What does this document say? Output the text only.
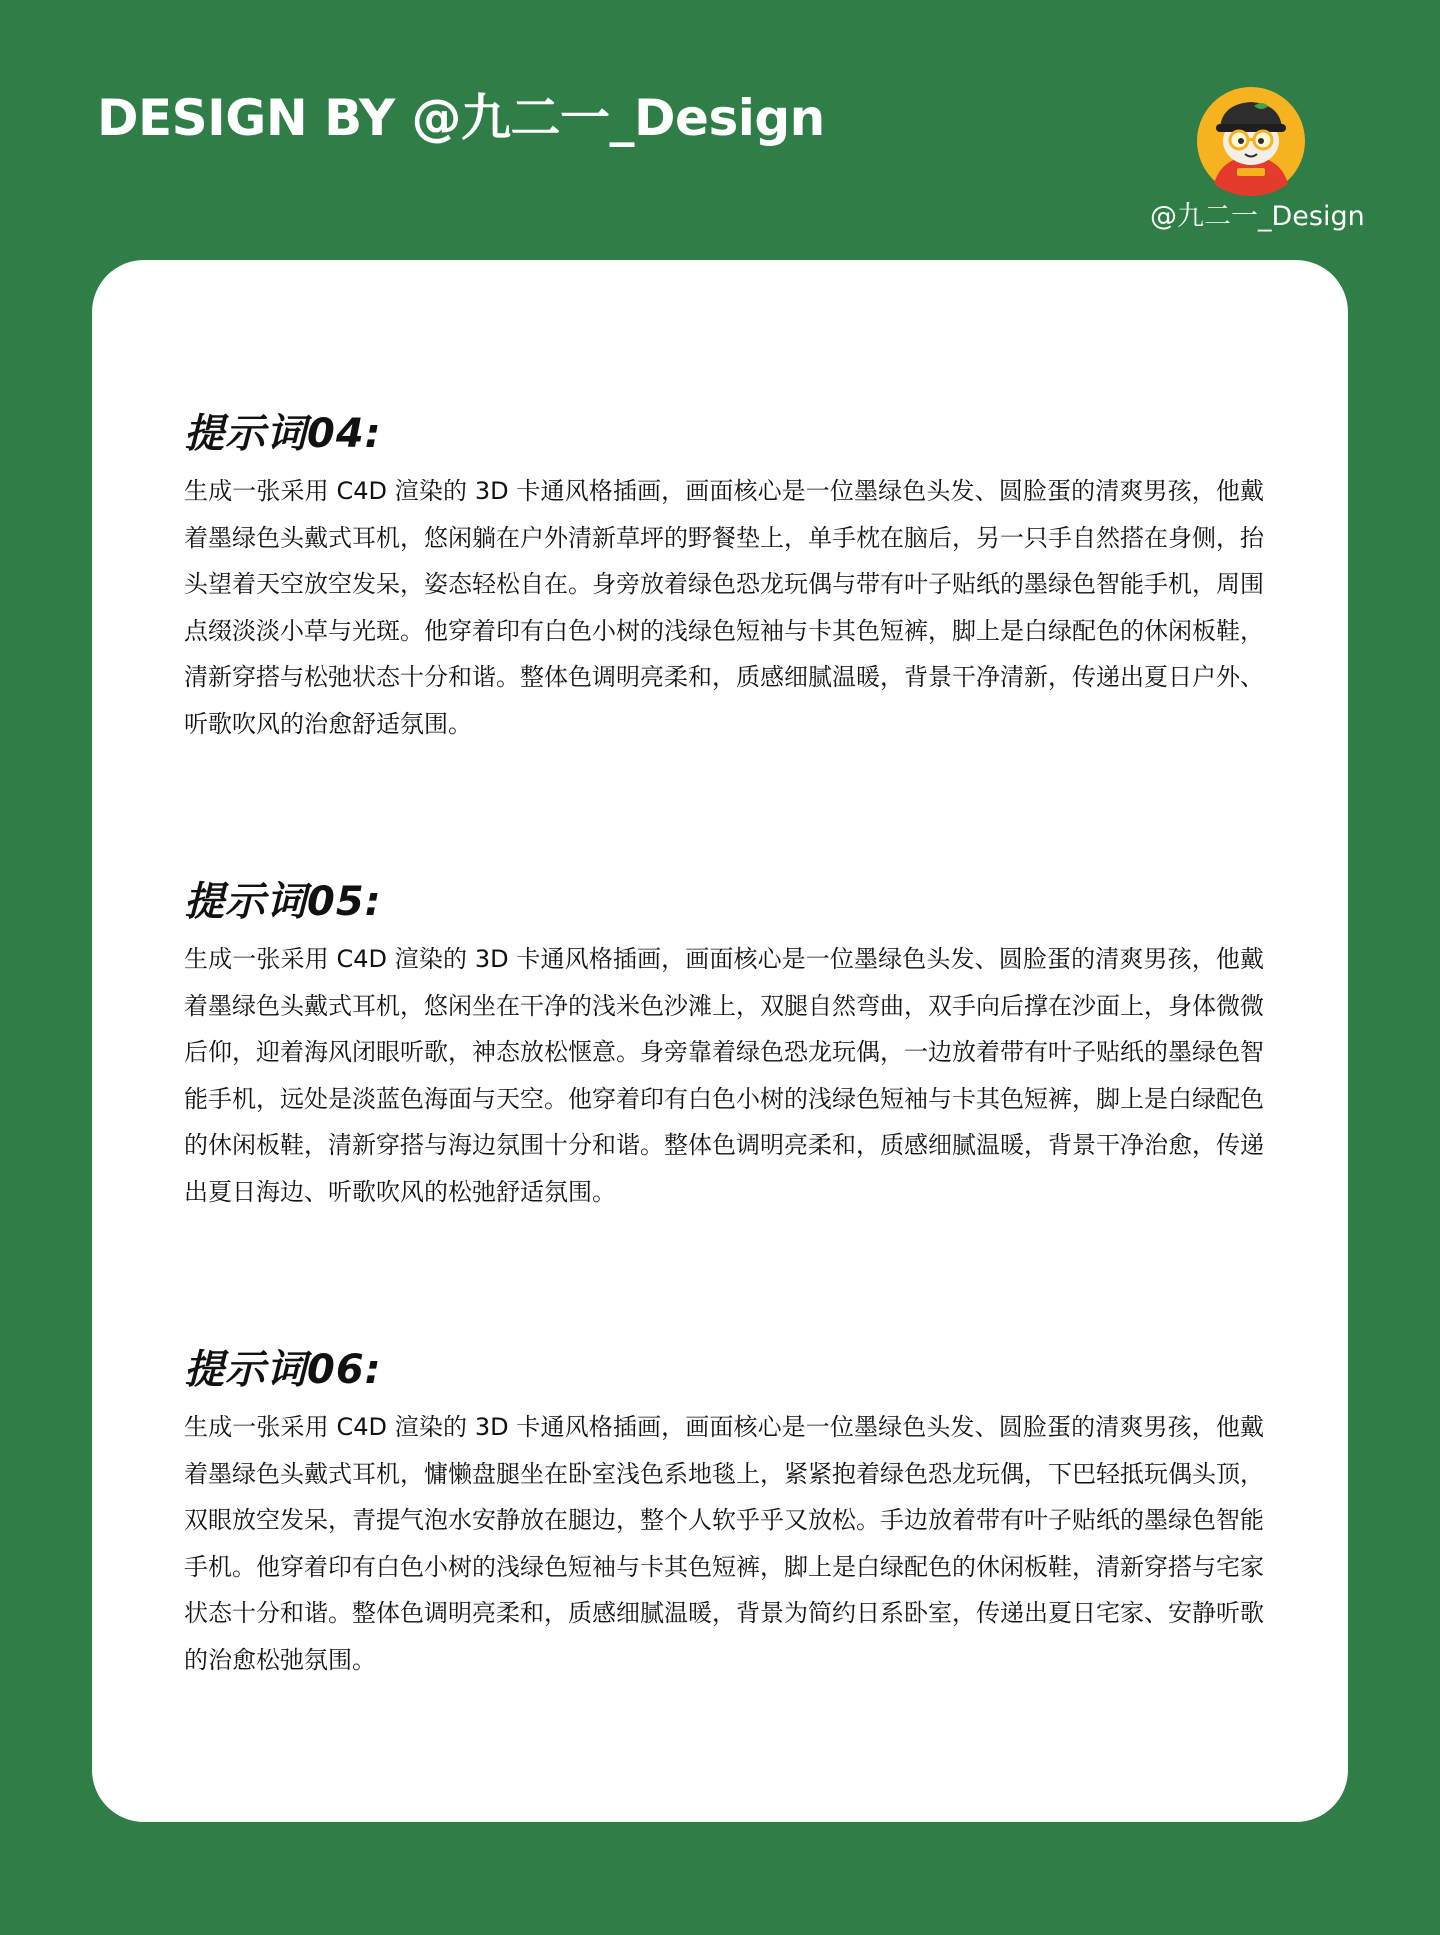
DESIGN BY @九二一_Design
@九二一_Design
提示词04:
生成一张采用 C4D 渲染的 3D 卡通风格插画，画面核心是一位墨绿色头发、圆脸蛋的清爽男孩，他戴着墨绿色头戴式耳机，悠闲躺在户外清新草坪的野餐垫上，单手枕在脑后，另一只手自然搭在身侧，抬头望着天空放空发呆，姿态轻松自在。身旁放着绿色恐龙玩偶与带有叶子贴纸的墨绿色智能手机，周围点缀淡淡小草与光斑。他穿着印有白色小树的浅绿色短袖与卡其色短裤，脚上是白绿配色的休闲板鞋，清新穿搭与松弛状态十分和谐。整体色调明亮柔和，质感细腻温暖，背景干净清新，传递出夏日户外、听歌吹风的治愈舒适氛围。
提示词05:
生成一张采用 C4D 渲染的 3D 卡通风格插画，画面核心是一位墨绿色头发、圆脸蛋的清爽男孩，他戴着墨绿色头戴式耳机，悠闲坐在干净的浅米色沙滩上，双腿自然弯曲，双手向后撑在沙面上，身体微微后仰，迎着海风闭眼听歌，神态放松惬意。身旁靠着绿色恐龙玩偶，一边放着带有叶子贴纸的墨绿色智能手机，远处是淡蓝色海面与天空。他穿着印有白色小树的浅绿色短袖与卡其色短裤，脚上是白绿配色的休闲板鞋，清新穿搭与海边氛围十分和谐。整体色调明亮柔和，质感细腻温暖，背景干净治愈，传递出夏日海边、听歌吹风的松弛舒适氛围。
提示词06:
生成一张采用 C4D 渲染的 3D 卡通风格插画，画面核心是一位墨绿色头发、圆脸蛋的清爽男孩，他戴着墨绿色头戴式耳机，慵懒盘腿坐在卧室浅色系地毯上，紧紧抱着绿色恐龙玩偶，下巴轻抵玩偶头顶，双眼放空发呆，青提气泡水安静放在腿边，整个人软乎乎又放松。手边放着带有叶子贴纸的墨绿色智能手机。他穿着印有白色小树的浅绿色短袖与卡其色短裤，脚上是白绿配色的休闲板鞋，清新穿搭与宅家状态十分和谐。整体色调明亮柔和，质感细腻温暖，背景为简约日系卧室，传递出夏日宅家、安静听歌的治愈松弛氛围。
